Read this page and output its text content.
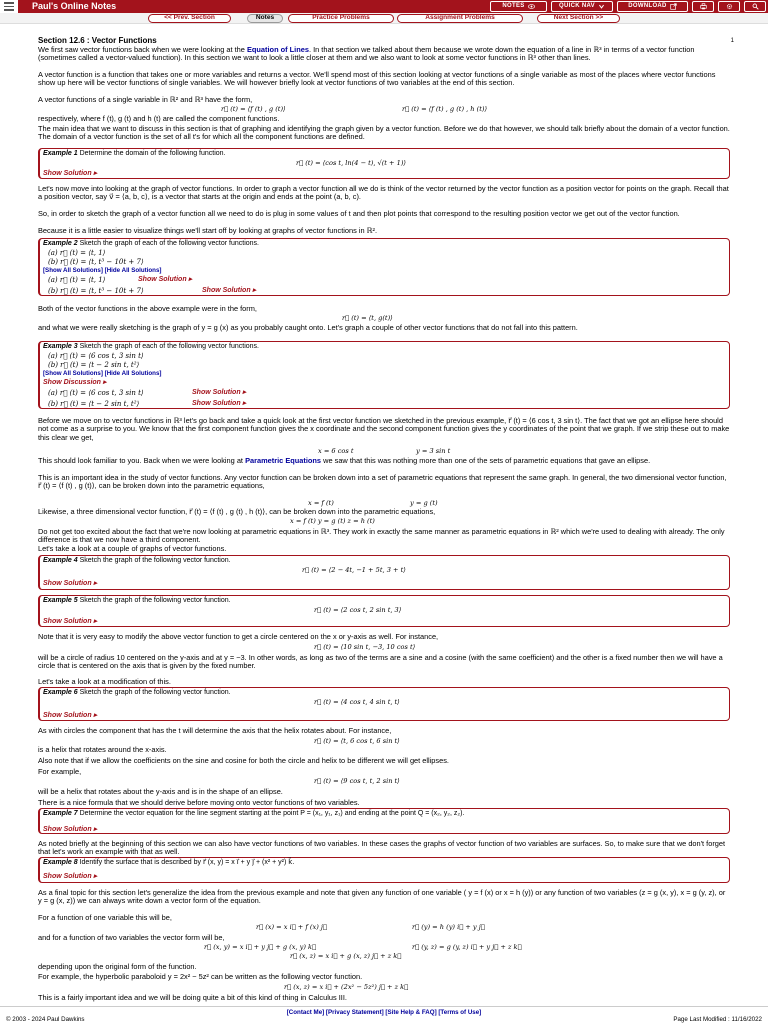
Paul's Online Notes	NOTES	QUICK NAV	DOWNLOAD
<< Prev. Section	Notes	Practice Problems	Assignment Problems	Next Section >>
Section 12.6 : Vector Functions	1

We first saw vector functions back when we were looking at the Equation of Lines. In that section we talked about them because we wrote down the equation of a line in ℝ³ in terms of a vector function (sometimes called a vector-valued function). In this section we want to look a little closer at them and we also want to look at some vector functions in ℝ³ other than lines.

A vector function is a function that takes one or more variables and returns a vector. We'll spend most of this section looking at vector functions of a single variable as most of the places where vector functions show up here will be vector functions of single variables. We will however briefly look at vector functions of two variables at the end of this section.

A vector functions of a single variable in ℝ² and ℝ³ have the form,

r⃗ (t) = ⟨f (t) , g (t)⟩	r⃗ (t) = ⟨f (t) , g (t) , h (t)⟩

respectively, where f (t), g (t) and h (t) are called the component functions.

The main idea that we want to discuss in this section is that of graphing and identifying the graph given by a vector function. Before we do that however, we should talk briefly about the domain of a vector function. The domain of a vector function is the set of all t's for which all the component functions are defined.

Example 1 Determine the domain of the following function.
r⃗ (t) = ⟨cos t, ln(4 − t), √(t + 1)⟩
Show Solution ▸

Let's now move into looking at the graph of vector functions. In order to graph a vector function all we do is think of the vector returned by the vector function as a position vector for points on the graph. Recall that a position vector, say v⃗ = ⟨a, b, c⟩, is a vector that starts at the origin and ends at the point (a, b, c).

So, in order to sketch the graph of a vector function all we need to do is plug in some values of t and then plot points that correspond to the resulting position vector we get out of the vector function.

Because it is a little easier to visualize things we'll start off by looking at graphs of vector functions in ℝ².

Example 2 Sketch the graph of each of the following vector functions.
(a) r⃗ (t) = ⟨t, 1⟩
(b) r⃗ (t) = ⟨t, t³ − 10t + 7⟩
[Show All Solutions] [Hide All Solutions]
(a) r⃗ (t) = ⟨t, 1⟩	Show Solution ▸
(b) r⃗ (t) = ⟨t, t³ − 10t + 7⟩	Show Solution ▸

Both of the vector functions in the above example were in the form,

r⃗ (t) = ⟨t, g(t)⟩

and what we were really sketching is the graph of y = g (x) as you probably caught onto. Let's graph a couple of other vector functions that do not fall into this pattern.

Example 3 Sketch the graph of each of the following vector functions.
(a) r⃗ (t) = ⟨6 cos t, 3 sin t⟩
(b) r⃗ (t) = ⟨t − 2 sin t, t²⟩
[Show All Solutions] [Hide All Solutions]
Show Discussion ▸
(a) r⃗ (t) = ⟨6 cos t, 3 sin t⟩	Show Solution ▸
(b) r⃗ (t) = ⟨t − 2 sin t, t²⟩	Show Solution ▸

Before we move on to vector functions in ℝ³ let's go back and take a quick look at the first vector function we sketched in the previous example, r⃗ (t) = ⟨6 cos t, 3 sin t⟩. The fact that we got an ellipse here should not come as a surprise to you. We know that the first component function gives the x coordinate and the second component function gives the y coordinates of the point that we graph. If we strip these out to make this clear we get,

x = 6 cos t	y = 3 sin t

This should look familiar to you. Back when we were looking at Parametric Equations we saw that this was nothing more than one of the sets of parametric equations that gave an ellipse.

This is an important idea in the study of vector functions. Any vector function can be broken down into a set of parametric equations that represent the same graph. In general, the two dimensional vector function, r⃗ (t) = ⟨f (t) , g (t)⟩, can be broken down into the parametric equations,

x = f (t)	y = g (t)

Likewise, a three dimensional vector function, r⃗ (t) = ⟨f (t) , g (t) , h (t)⟩, can be broken down into the parametric equations,

x = f (t) y = g (t) z = h (t)

Do not get too excited about the fact that we're now looking at parametric equations in ℝ³. They work in exactly the same manner as parametric equations in ℝ² which we're used to dealing with already. The only difference is that we now have a third component.

Let's take a look at a couple of graphs of vector functions.

Example 4 Sketch the graph of the following vector function.
r⃗ (t) = ⟨2 − 4t, −1 + 5t, 3 + t⟩
Show Solution ▸
Example 5 Sketch the graph of the following vector function.
r⃗ (t) = ⟨2 cos t, 2 sin t, 3⟩
Show Solution ▸

Note that it is very easy to modify the above vector function to get a circle centered on the x or y-axis as well. For instance,

r⃗ (t) = ⟨10 sin t, −3, 10 cos t⟩

will be a circle of radius 10 centered on the y-axis and at y = −3. In other words, as long as two of the terms are a sine and a cosine (with the same coefficient) and the other is a fixed number then we will have a circle that is centered on the axis that is given by the fixed number.

Let's take a look at a modification of this.

Example 6 Sketch the graph of the following vector function.
r⃗ (t) = ⟨4 cos t, 4 sin t, t⟩
Show Solution ▸

As with circles the component that has the t will determine the axis that the helix rotates about. For instance,

r⃗ (t) = ⟨t, 6 cos t, 6 sin t⟩

is a helix that rotates around the x-axis.

Also note that if we allow the coefficients on the sine and cosine for both the circle and helix to be different we will get ellipses.

For example,

r⃗ (t) = ⟨9 cos t, t, 2 sin t⟩

will be a helix that rotates about the y-axis and is in the shape of an ellipse.

There is a nice formula that we should derive before moving onto vector functions of two variables.

Example 7 Determine the vector equation for the line segment starting at the point P = (x₁, y₁, z₁) and ending at the point Q = (x₂, y₂, z₂).
Show Solution ▸

As noted briefly at the beginning of this section we can also have vector functions of two variables. In these cases the graphs of vector function of two variables are surfaces. So, to make sure that we don't forget that let's work an example with that as well.

Example 8 Identify the surface that is described by r⃗ (x, y) = x i⃗ + y j⃗ + (x² + y²) k⃗.
Show Solution ▸

As a final topic for this section let's generalize the idea from the previous example and note that given any function of one variable ( y = f (x) or x = h (y)) or any function of two variables (z = g (x, y), x = g (y, z), or y = g (x, z)) we can always write down a vector form of the equation.

For a function of one variable this will be,

r⃗ (x) = x i⃗ + f (x) j⃗	r⃗ (y) = h (y) i⃗ + y j⃗

and for a function of two variables the vector form will be,

r⃗ (x, y) = x i⃗ + y j⃗ + g (x, y) k⃗	r⃗ (y, z) = g (y, z) i⃗ + y j⃗ + z k⃗
r⃗ (x, z) = x i⃗ + g (x, z) j⃗ + z k⃗

depending upon the original form of the function.

For example, the hyperbolic paraboloid y = 2x² − 5z² can be written as the following vector function.

r⃗ (x, z) = x i⃗ + (2x² − 5z²) j⃗ + z k⃗

This is a fairly important idea and we will be doing quite a bit of this kind of thing in Calculus III.

[Contact Me] [Privacy Statement] [Site Help & FAQ] [Terms of Use]
© 2003 - 2024 Paul Dawkins	Page Last Modified : 11/16/2022
